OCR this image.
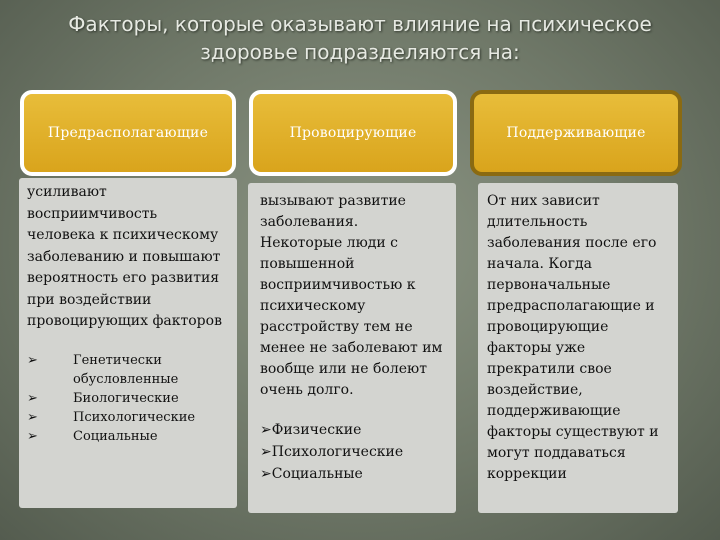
Факторы, которые оказывают влияние на психическое
здоровье подразделяются на:
Предрасполагающие	Провоцирующие	Поддерживающие

усиливают восприимчивость человека к психическому заболеванию и повышают вероятность его развития при воздействии провоцирующих факторов

➢	Генетически обусловленные
➢	Биологические
➢	Психологические
➢	Социальные

вызывают развитие заболевания. Некоторые люди с повышенной восприимчивостью к психическому расстройству тем не менее не заболевают им вообще или не болеют очень долго.

➢Физические
➢Психологические
➢Социальные

От них зависит длительность заболевания после его начала. Когда первоначальные предрасполагающие и провоцирующие факторы уже прекратили свое воздействие, поддерживающие факторы существуют и могут поддаваться коррекции
